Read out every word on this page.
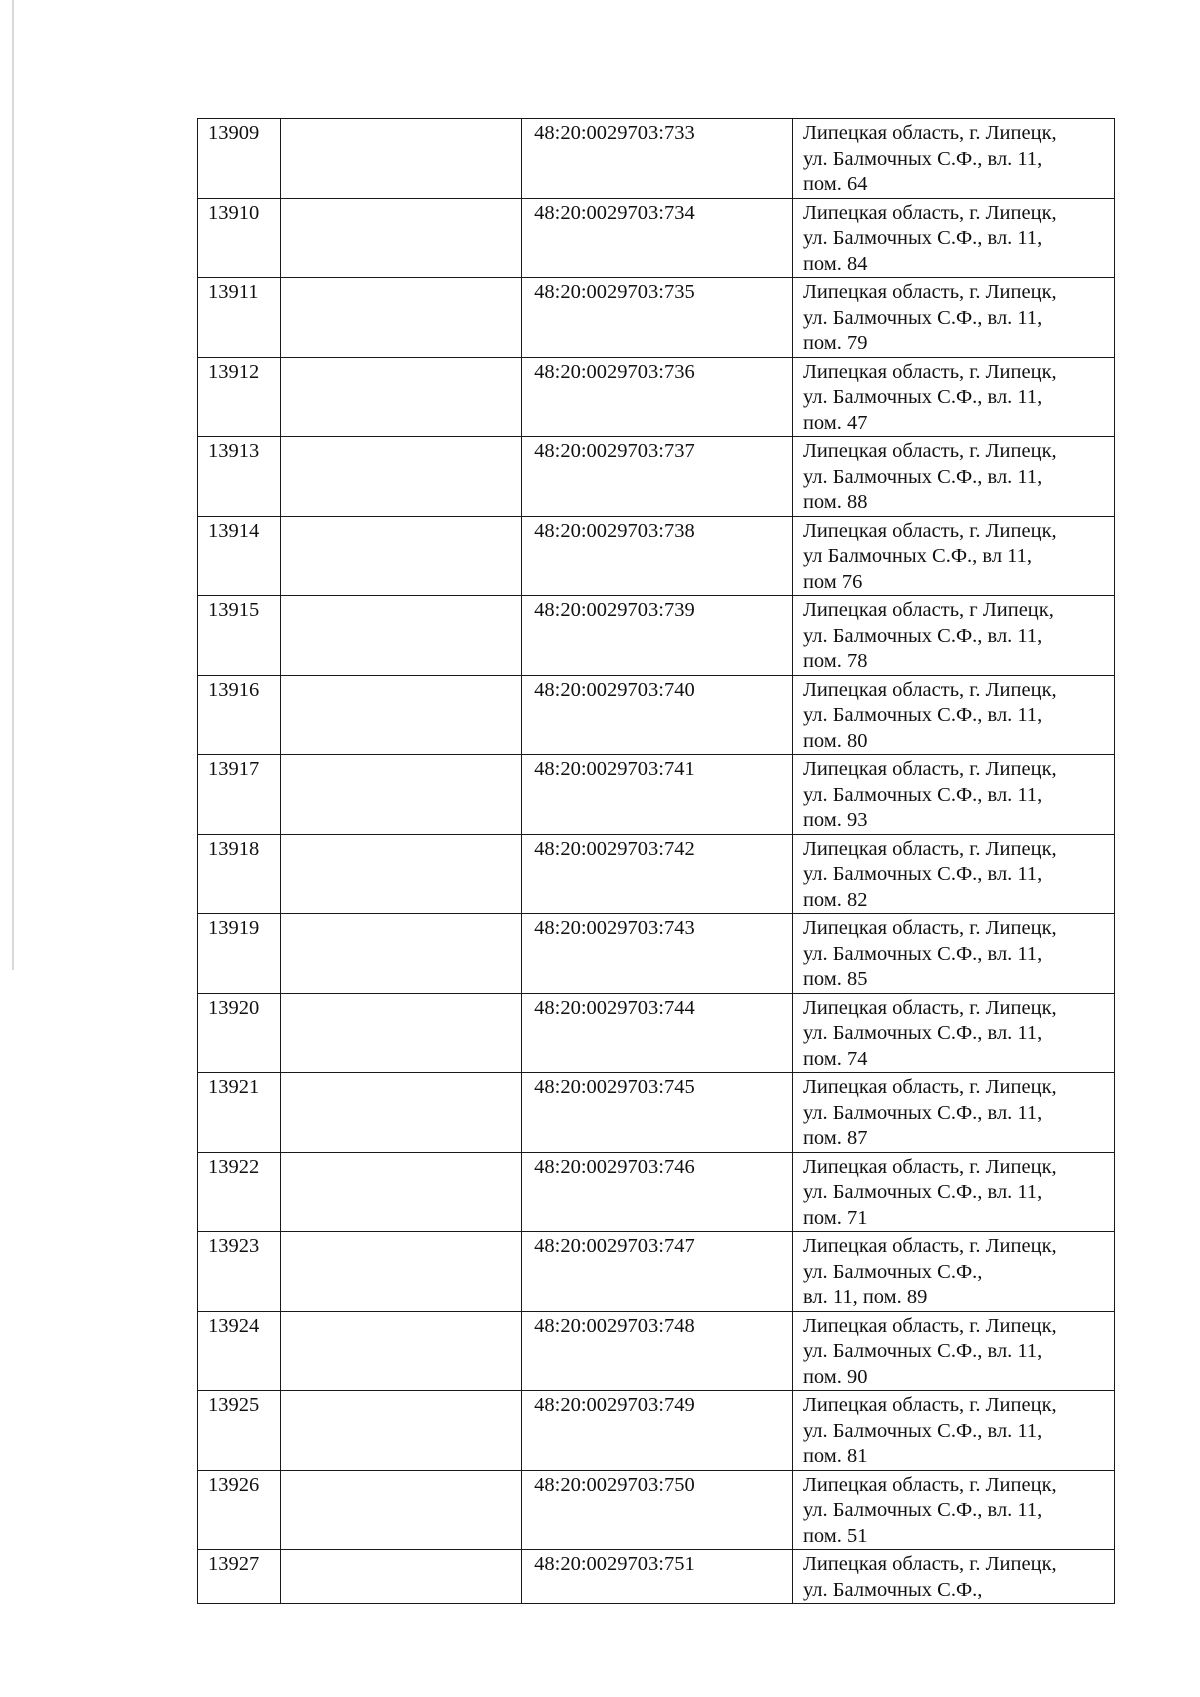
13909		48:20:0029703:733	Липецкая область, г. Липецк,
ул. Балмочных С.Ф., вл. 11,
пом. 64

13910		48:20:0029703:734	Липецкая область, г. Липецк,
ул. Балмочных С.Ф., вл. 11,
пом. 84

13911		48:20:0029703:735	Липецкая область, г. Липецк,
ул. Балмочных С.Ф., вл. 11,
пом. 79

13912		48:20:0029703:736	Липецкая область, г. Липецк,
ул. Балмочных С.Ф., вл. 11,
пом. 47

13913		48:20:0029703:737	Липецкая область, г. Липецк,
ул. Балмочных С.Ф., вл. 11,
пом. 88

13914		48:20:0029703:738	Липецкая область, г. Липецк,
ул Балмочных С.Ф., вл 11,
пом 76

13915		48:20:0029703:739	Липецкая область, г Липецк,
ул. Балмочных С.Ф., вл. 11,
пом. 78

13916		48:20:0029703:740	Липецкая область, г. Липецк,
ул. Балмочных С.Ф., вл. 11,
пом. 80

13917		48:20:0029703:741	Липецкая область, г. Липецк,
ул. Балмочных С.Ф., вл. 11,
пом. 93

13918		48:20:0029703:742	Липецкая область, г. Липецк,
ул. Балмочных С.Ф., вл. 11,
пом. 82

13919		48:20:0029703:743	Липецкая область, г. Липецк,
ул. Балмочных С.Ф., вл. 11,
пом. 85

13920		48:20:0029703:744	Липецкая область, г. Липецк,
ул. Балмочных С.Ф., вл. 11,
пом. 74

13921		48:20:0029703:745	Липецкая область, г. Липецк,
ул. Балмочных С.Ф., вл. 11,
пом. 87

13922		48:20:0029703:746	Липецкая область, г. Липецк,
ул. Балмочных С.Ф., вл. 11,
пом. 71

13923		48:20:0029703:747	Липецкая область, г. Липецк,
ул. Балмочных С.Ф.,
вл. 11, пом. 89

13924		48:20:0029703:748	Липецкая область, г. Липецк,
ул. Балмочных С.Ф., вл. 11,
пом. 90

13925		48:20:0029703:749	Липецкая область, г. Липецк,
ул. Балмочных С.Ф., вл. 11,
пом. 81

13926		48:20:0029703:750	Липецкая область, г. Липецк,
ул. Балмочных С.Ф., вл. 11,
пом. 51

13927		48:20:0029703:751	Липецкая область, г. Липецк,
ул. Балмочных С.Ф.,
